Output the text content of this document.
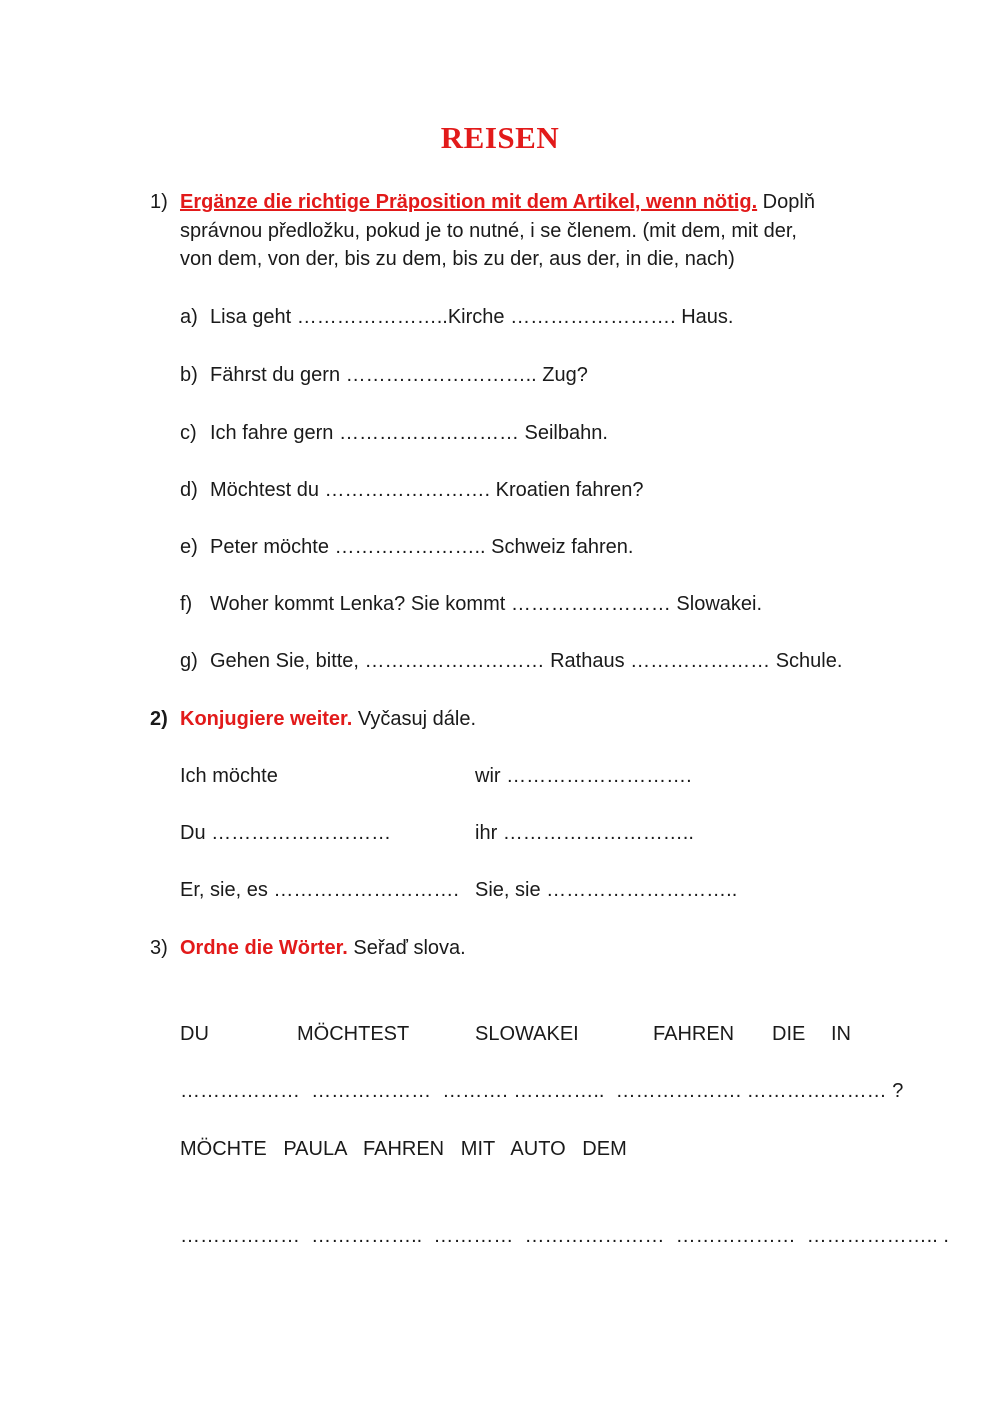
REISEN
1) Ergänze die richtige Präposition mit dem Artikel, wenn nötig. Doplň
správnou předložku, pokud je to nutné, i se členem. (mit dem, mit der,
von dem, von der, bis zu dem, bis zu der, aus der, in die, nach)
a) Lisa geht …………………..Kirche ……………………. Haus.
b) Fährst du gern ……………………….. Zug?
c) Ich fahre gern ……………………… Seilbahn.
d) Möchtest du ……………………. Kroatien fahren?
e) Peter möchte ………………….. Schweiz fahren.
f) Woher kommt Lenka? Sie kommt …………………… Slowakei.
g) Gehen Sie, bitte, ……………………… Rathaus ………………… Schule.
2) Konjugiere weiter. Vyčasuj dále.
Ich möchte	wir ……………………….
Du ………………………	ihr ………………………..
Er, sie, es ………………………. Sie, sie ………………………..
3) Ordne die Wörter. Seřaď slova.
DU	MÖCHTEST	SLOWAKEI	FAHREN DIE IN
………………  ………………  ………. …………..  ………………. ………………… ?
MÖCHTE   PAULA   FAHREN   MIT   AUTO   DEM
………………  ……………..  …………  …………………  ………………  ……………….. .
